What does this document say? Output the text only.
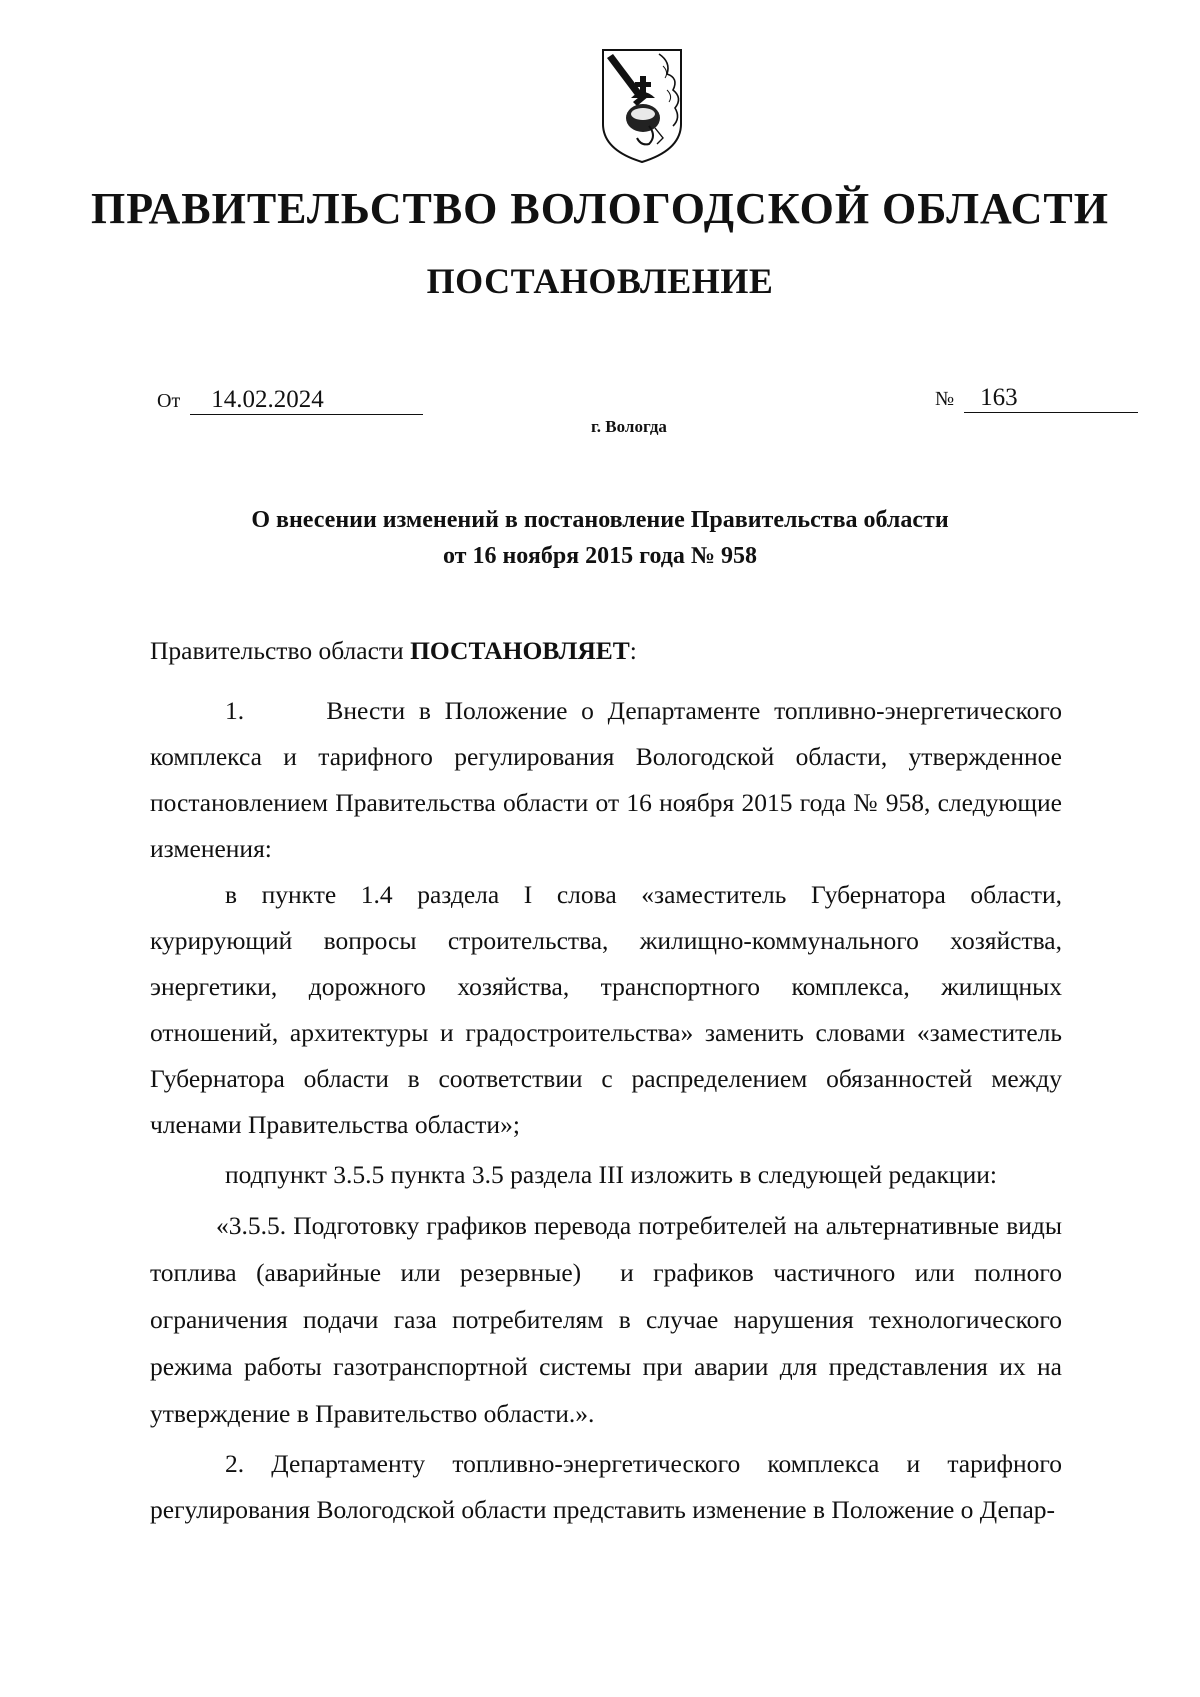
ПРАВИТЕЛЬСТВО ВОЛОГОДСКОЙ ОБЛАСТИ
ПОСТАНОВЛЕНИЕ
От 14.02.2024	№ 163
г. Вологда
О внесении изменений в постановление Правительства области
от 16 ноября 2015 года № 958

Правительство области ПОСТАНОВЛЯЕТ:

1.      Внести в Положение о Департаменте топливно-энергетического комплекса и тарифного регулирования Вологодской области, утвержденное постановлением Правительства области от 16 ноября 2015 года № 958, следующие изменения:

в пункте 1.4 раздела I слова «заместитель Губернатора области, курирующий вопросы строительства, жилищно-коммунального хозяйства, энергетики, дорожного хозяйства, транспортного комплекса, жилищных отношений, архитектуры и градостроительства» заменить словами «заместитель Губернатора области в соответствии с распределением обязанностей между членами Правительства области»;

подпункт 3.5.5 пункта 3.5 раздела III изложить в следующей редакции:

«3.5.5. Подготовку графиков перевода потребителей на альтернативные виды топлива (аварийные или резервные)  и графиков частичного или полного ограничения подачи газа потребителям в случае нарушения технологического режима работы газотранспортной системы при аварии для представления их на утверждение в Правительство области.».

2. Департаменту топливно-энергетического комплекса и тарифного регулирования Вологодской области представить изменение в Положение о Депар-
